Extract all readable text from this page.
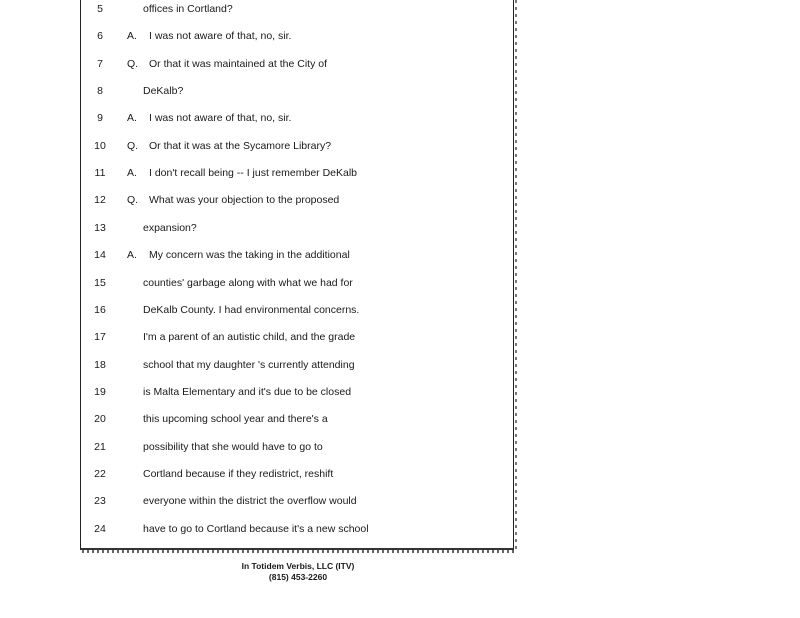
5	offices in Cortland?
6	A. I was not aware of that, no, sir.
7	Q. Or that it was maintained at the City of
8	DeKalb?
9	A. I was not aware of that, no, sir.
10	Q. Or that it was at the Sycamore Library?
11	A. I don't recall being -- I just remember DeKalb
12	Q. What was your objection to the proposed
13	expansion?
14	A. My concern was the taking in the additional
15	counties' garbage along with what we had for
16	DeKalb County. I had environmental concerns.
17	I'm a parent of an autistic child, and the grade
18	school that my daughter 's currently attending
19	is Malta Elementary and it's due to be closed
20	this upcoming school year and there's a
21	possibility that she would have to go to
22	Cortland because if they redistrict, reshift
23	everyone within the district the overflow would
24	have to go to Cortland because it's a new school
In Totidem Verbis, LLC (ITV)
(815) 453-2260
